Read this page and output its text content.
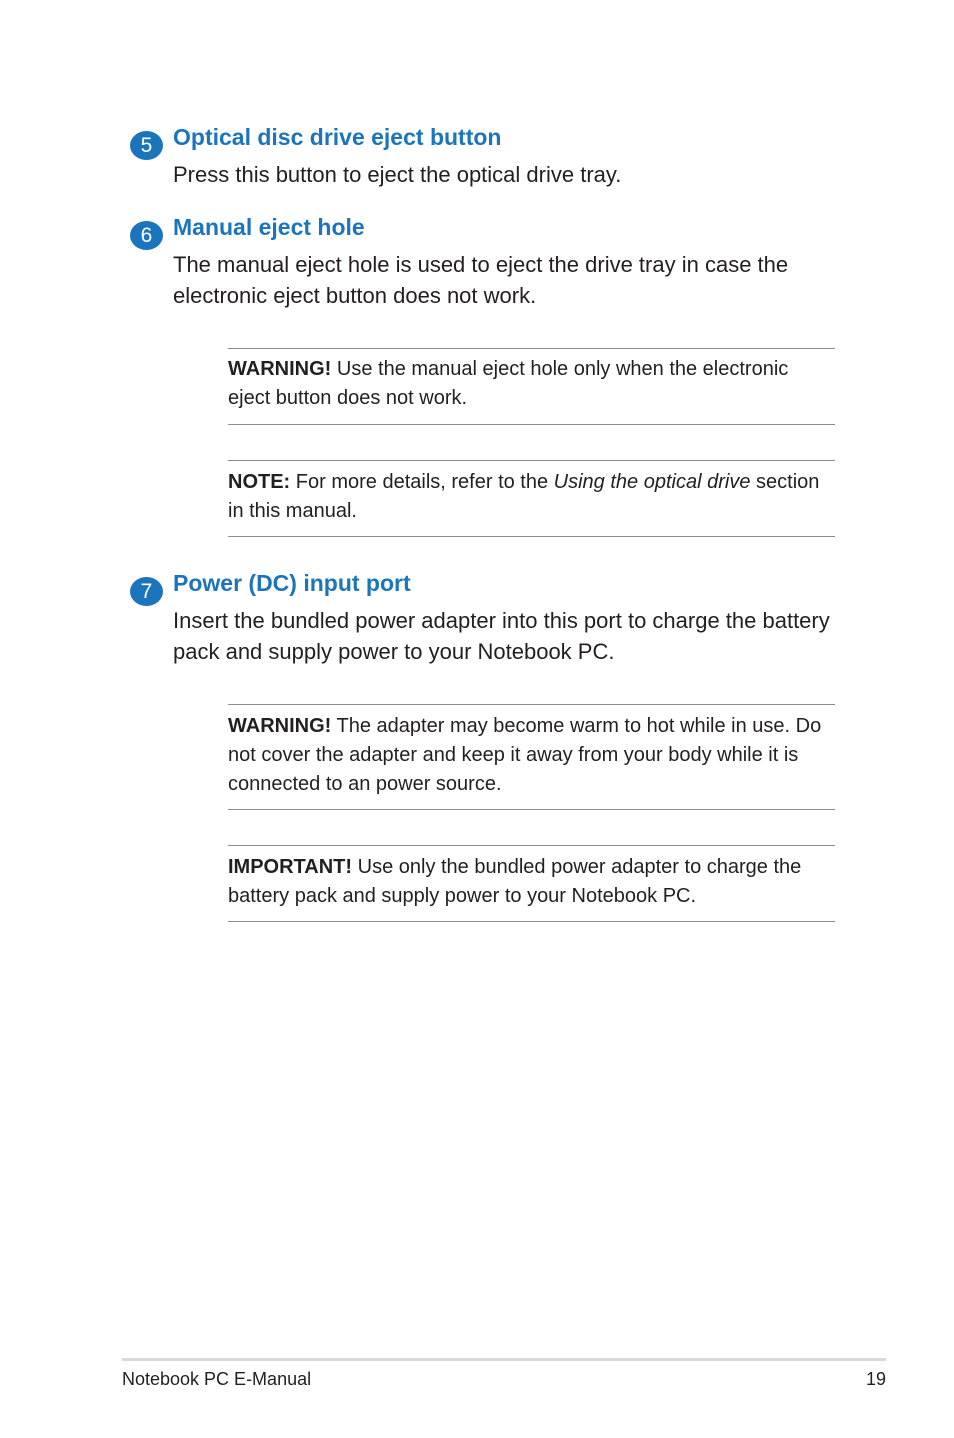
5 Optical disc drive eject button

Press this button to eject the optical drive tray.

6 Manual eject hole

The manual eject hole is used to eject the drive tray in case the electronic eject button does not work.

WARNING! Use the manual eject hole only when the electronic eject button does not work.

NOTE: For more details, refer to the Using the optical drive section in this manual.

7 Power (DC) input port

Insert the bundled power adapter into this port to charge the battery pack and supply power to your Notebook PC.

WARNING! The adapter may become warm to hot while in use. Do not cover the adapter and keep it away from your body while it is connected to an power source.

IMPORTANT! Use only the bundled power adapter to charge the battery pack and supply power to your Notebook PC.

Notebook PC E-Manual	19
